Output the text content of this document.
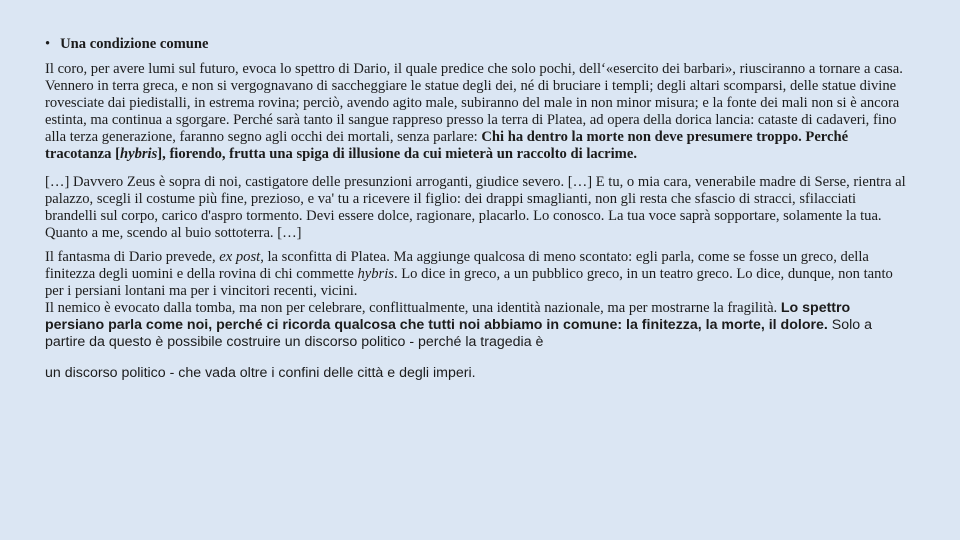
• Una condizione comune

Il coro, per avere lumi sul futuro, evoca lo spettro di Dario, il quale predice che solo pochi, dell‘«esercito dei barbari», riusciranno a tornare a casa.

Vennero in terra greca, e non si vergognavano di saccheggiare le statue degli dei, né di bruciare i templi; degli altari scomparsi, delle statue divine rovesciate dai piedistalli, in estrema rovina; perciò, avendo agito male, subiranno del male in non minor misura; e la fonte dei mali non si è ancora estinta, ma continua a sgorgare. Perché sarà tanto il sangue rappreso presso la terra di Platea, ad opera della dorica lancia: cataste di cadaveri, fino alla terza generazione, faranno segno agli occhi dei mortali, senza parlare: Chi ha dentro la morte non deve presumere troppo. Perché tracotanza [hybris], fiorendo, frutta una spiga di illusione da cui mieterà un raccolto di lacrime.

[…] Davvero Zeus è sopra di noi, castigatore delle presunzioni arroganti, giudice severo. […] E tu, o mia cara, venerabile madre di Serse, rientra al palazzo, scegli il costume più fine, prezioso, e va' tu a ricevere il figlio: dei drappi smaglianti, non gli resta che sfascio di stracci, sfilacciati brandelli sul corpo, carico d'aspro tormento. Devi essere dolce, ragionare, placarlo. Lo conosco. La tua voce saprà sopportare, solamente la tua.

Quanto a me, scendo al buio sottoterra. […]

Il fantasma di Dario prevede, ex post, la sconfitta di Platea. Ma aggiunge qualcosa di meno scontato: egli parla, come se fosse un greco, della finitezza degli uomini e della rovina di chi commette hybris. Lo dice in greco, a un pubblico greco, in un teatro greco. Lo dice, dunque, non tanto per i persiani lontani ma per i vincitori recenti, vicini.

Il nemico è evocato dalla tomba, ma non per celebrare, conflittualmente, una identità nazionale, ma per mostrarne la fragilità. Lo spettro persiano parla come noi, perché ci ricorda qualcosa che tutti noi abbiamo in comune: la finitezza, la morte, il dolore. Solo a partire da questo è possibile costruire un discorso politico - perché la tragedia è

un discorso politico - che vada oltre i confini delle città e degli imperi.
